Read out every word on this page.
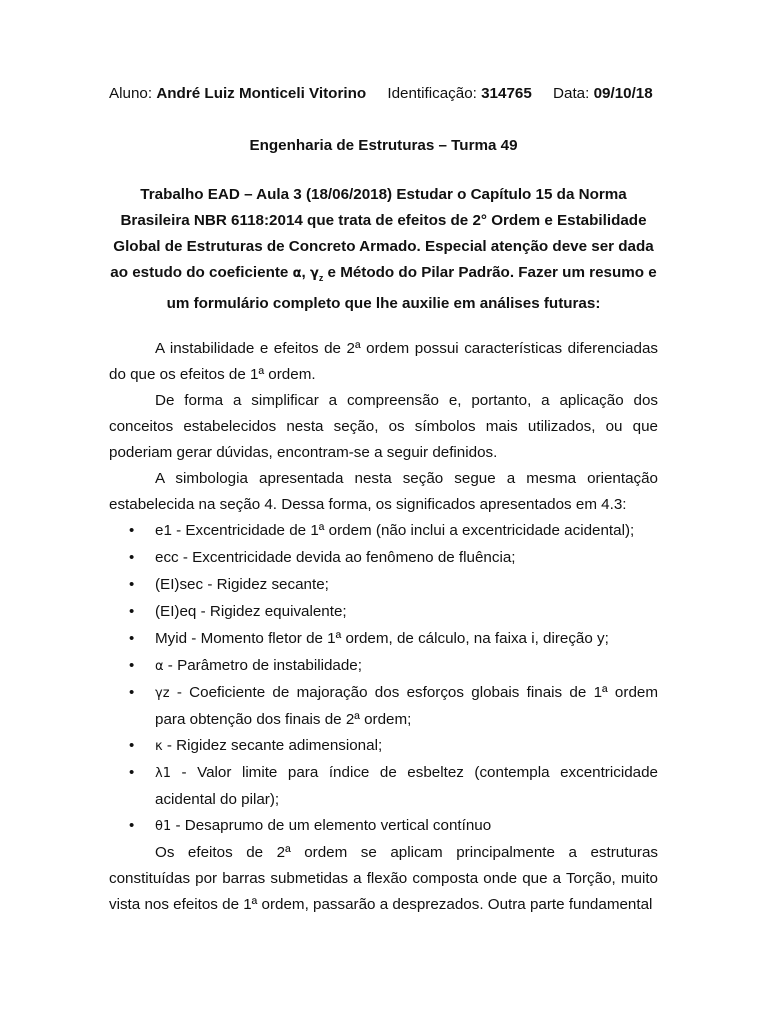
Aluno: André Luiz Monticeli Vitorino Identificação: 314765 Data: 09/10/18
Engenharia de Estruturas – Turma 49
Trabalho EAD – Aula 3 (18/06/2018) Estudar o Capítulo 15 da Norma Brasileira NBR 6118:2014 que trata de efeitos de 2° Ordem e Estabilidade Global de Estruturas de Concreto Armado. Especial atenção deve ser dada ao estudo do coeficiente α, $\gamma_z$ e Método do Pilar Padrão. Fazer um resumo e um formulário completo que lhe auxilie em análises futuras:

A instabilidade e efeitos de 2ª ordem possui características diferenciadas do que os efeitos de 1ª ordem.

De forma a simplificar a compreensão e, portanto, a aplicação dos conceitos estabelecidos nesta seção, os símbolos mais utilizados, ou que poderiam gerar dúvidas, encontram-se a seguir definidos.

A simbologia apresentada nesta seção segue a mesma orientação estabelecida na seção 4. Dessa forma, os significados apresentados em 4.3:

• e1 - Excentricidade de 1ª ordem (não inclui a excentricidade acidental);
• ecc - Excentricidade devida ao fenômeno de fluência;
• (EI)sec - Rigidez secante;
• (EI)eq - Rigidez equivalente;
• Myid - Momento fletor de 1ª ordem, de cálculo, na faixa i, direção y;
• α - Parâmetro de instabilidade;
• γz - Coeficiente de majoração dos esforços globais finais de 1ª ordem para obtenção dos finais de 2ª ordem;
• κ - Rigidez secante adimensional;
• λ1 - Valor limite para índice de esbeltez (contempla excentricidade acidental do pilar);
• θ1 - Desaprumo de um elemento vertical contínuo

Os efeitos de 2ª ordem se aplicam principalmente a estruturas constituídas por barras submetidas a flexão composta onde que a Torção, muito vista nos efeitos de 1ª ordem, passarão a desprezados. Outra parte fundamental
